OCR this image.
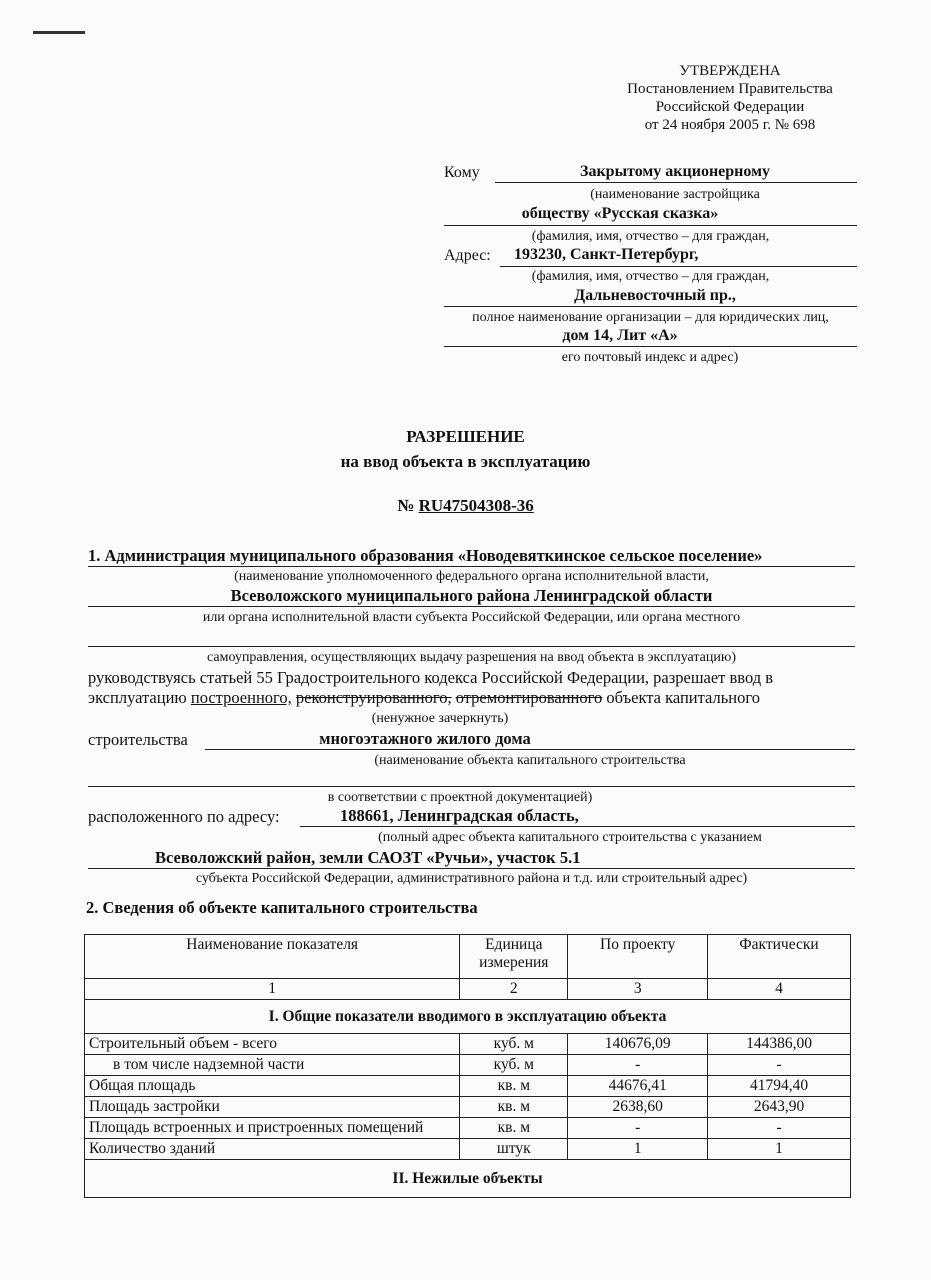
УТВЕРЖДЕНА
Постановлением Правительства
Российской Федерации
от 24 ноября 2005 г. № 698
Кому	Закрытому акционерному
(наименование застройщика
обществу «Русская сказка»
(фамилия, имя, отчество – для граждан,
Адрес: 193230, Санкт-Петербург,
(фамилия, имя, отчество – для граждан,
Дальневосточный пр.,
полное наименование организации – для юридических лиц,
дом 14, Лит «А»
его почтовый индекс и адрес)
РАЗРЕШЕНИЕ
на ввод объекта в эксплуатацию
№ RU47504308-36
1. Администрация муниципального образования «Новодевяткинское сельское поселение»
(наименование уполномоченного федерального органа исполнительной власти,
Всеволожского муниципального района Ленинградской области
или органа исполнительной власти субъекта Российской Федерации, или органа местного
самоуправления, осуществляющих выдачу разрешения на ввод объекта в эксплуатацию)
руководствуясь статьей 55 Градостроительного кодекса Российской Федерации, разрешает ввод в
эксплуатацию построенного, реконструированного, отремонтированного объекта капитального
(ненужное зачеркнуть)
строительства	многоэтажного жилого дома
(наименование объекта капитального строительства
в соответствии с проектной документацией)
расположенного по адресу:	188661, Ленинградская область,
(полный адрес объекта капитального строительства с указанием
Всеволожский район, земли САОЗТ «Ручьи», участок 5.1
субъекта Российской Федерации, административного района и т.д. или строительный адрес)
2. Сведения об объекте капитального строительства
Наименование показателя	Единица измерения	По проекту	Фактически
1	2	3	4
I. Общие показатели вводимого в эксплуатацию объекта			
Строительный объем - всего	куб. м	140676,09	144386,00
в том числе надземной части	куб. м	-	-
Общая площадь	кв. м	44676,41	41794,40
Площадь застройки	кв. м	2638,60	2643,90
Площадь встроенных и пристроенных помещений	кв. м	-	-
Количество зданий	штук	1	1
II. Нежилые объекты			
